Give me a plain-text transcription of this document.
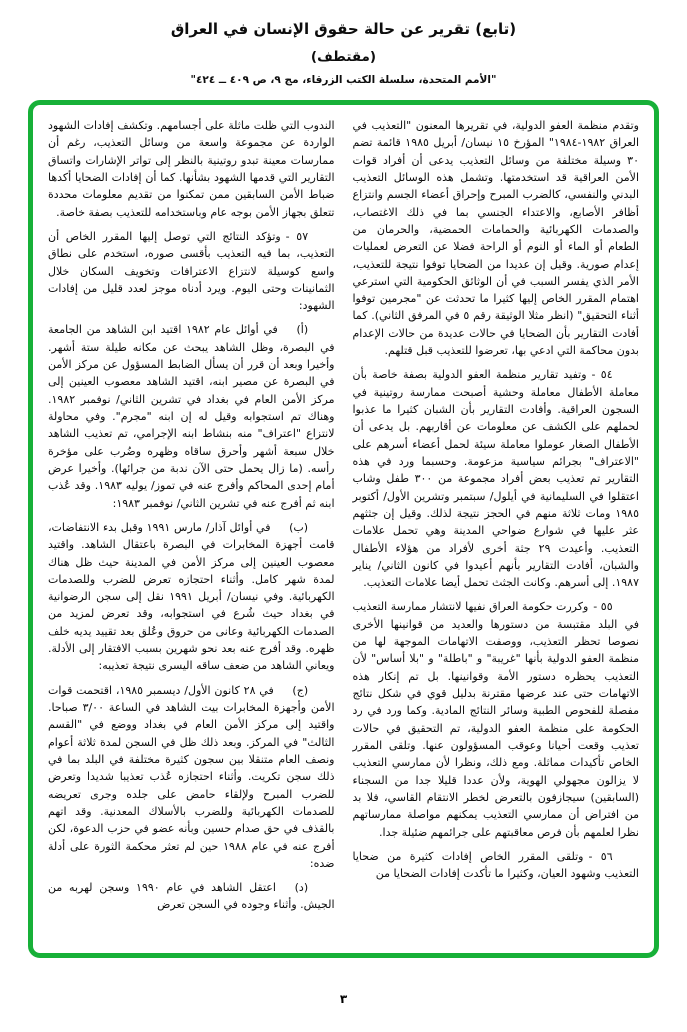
(تابع) تقرير عن حالة حقوق الإنسان في العراق
(مقتطف)
"الأمم المتحدة، سلسلة الكتب الزرقاء، مج ٩، ص ٤٠٩ ــ ٤٢٤"

وتقدم منظمة العفو الدولية، في تقريرها المعنون "التعذيب في العراق ١٩٨٢-١٩٨٤" المؤرخ ١٥ نيسان/ أبريل ١٩٨٥ قائمة تضم ٣٠ وسيلة مختلفة من وسائل التعذيب يدعى أن أفراد قوات الأمن العراقية قد استخدمتها. وتشمل هذه الوسائل التعذيب البدني والنفسي، كالضرب المبرح وإحراق أعضاء الجسم وانتزاع أظافر الأصابع، والاعتداء الجنسي بما في ذلك الاغتصاب، والصدمات الكهربائية والحمامات الحمضية، والحرمان من الطعام أو الماء أو النوم أو الراحة فضلا عن التعرض لعمليات إعدام صورية. وقيل إن عديدا من الضحايا توفوا نتيجة للتعذيب، الأمر الذي يفسر السبب في أن الوثائق الحكومية التي استرعي اهتمام المقرر الخاص إليها كثيرا ما تحدثت عن "مجرمين توفوا أثناء التحقيق" (انظر مثلا الوثيقة رقم ٥ في المرفق الثاني). كما أفادت التقارير بأن الضحايا في حالات عديدة من حالات الإعدام بدون محاكمة التي ادعي بها، تعرضوا للتعذيب قبل قتلهم.

٥٤ -وتفيد تقارير منظمة العفو الدولية بصفة خاصة بأن معاملة الأطفال معاملة وحشية أصبحت ممارسة روتينية في السجون العراقية. وأفادت التقارير بأن الشبان كثيرا ما عذبوا لحملهم على الكشف عن معلومات عن أقاربهم. بل يدعى أن الأطفال الصغار عوملوا معاملة سيئة لحمل أعضاء أسرهم على "الاعتراف" بجرائم سياسية مزعومة. وحسبما ورد في هذه التقارير تم تعذيب بعض أفراد مجموعة من ٣٠٠ طفل وشاب اعتقلوا في السليمانية في أيلول/ سبتمبر وتشرين الأول/ أكتوبر ١٩٨٥ ومات ثلاثة منهم في الحجز نتيجة لذلك. وقيل إن جثثهم عثر عليها في شوارع ضواحي المدينة وهي تحمل علامات التعذيب. وأعيدت ٢٩ جثة أخرى لأفراد من هؤلاء الأطفال والشبان، أفادت التقارير بأنهم أعيدوا في كانون الثاني/ يناير ١٩٨٧. إلى أسرهم. وكانت الجثث تحمل أيضا علامات التعذيب.

٥٥ -وكررت حكومة العراق نفيها لانتشار ممارسة التعذيب في البلد مقتبسة من دستورها والعديد من قوانينها الأخرى نصوصا تحظر التعذيب، ووصفت الاتهامات الموجهة لها من منظمة العفو الدولية بأنها "غريبة" و "باطلة" و "بلا أساس" لأن التعذيب يحظره دستور الأمة وقوانينها. بل تم إنكار هذه الاتهامات حتى عند عرضها مقترنة بدليل قوي في شكل نتائج مفصلة للفحوص الطبية وسائر النتائج المادية. وكما ورد في رد الحكومة على منظمة العفو الدولية، تم التحقيق في حالات تعذيب وقعت أحيانا وعوقب المسؤولون عنها. وتلقى المقرر الخاص تأكيدات مماثلة. ومع ذلك، ونظرا لأن ممارسي التعذيب لا يزالون مجهولي الهوية، ولأن عددا قليلا جدا من السجناء (السابقين) سيجازفون بالتعرض لخطر الانتقام القاسي، فلا بد من افتراض أن ممارسي التعذيب يمكنهم مواصلة ممارساتهم نظرا لعلمهم بأن فرص معاقبتهم على جرائمهم ضئيلة جدا.

٥٦ -وتلقى المقرر الخاص إفادات كثيرة من ضحايا التعذيب وشهود العيان، وكثيرا ما تأكدت إفادات الضحايا من

الندوب التي ظلت ماثلة على أجسامهم. وتكشف إفادات الشهود الواردة عن مجموعة واسعة من وسائل التعذيب، رغم أن ممارسات معينة تبدو روتينية بالنظر إلى تواتر الإشارات واتساق التقارير التي قدمها الشهود بشأنها. كما أن إفادات الضحايا أكدها ضباط الأمن السابقين ممن تمكنوا من تقديم معلومات محددة تتعلق بجهاز الأمن بوجه عام وباستخدامه للتعذيب بصفة خاصة.

٥٧ -وتؤكد النتائج التي توصل إليها المقرر الخاص أن التعذيب، بما فيه التعذيب بأقسى صوره، استخدم على نطاق واسع كوسيلة لانتزاع الاعترافات وتخويف السكان خلال الثمانينات وحتى اليوم. ويرد أدناه موجز لعدد قليل من إفادات الشهود:

(أ)في أوائل عام ١٩٨٢ اقتيد ابن الشاهد من الجامعة في البصرة، وظل الشاهد يبحث عن مكانه طيلة ستة أشهر. وأخيرا وبعد أن قرر أن يسأل الضابط المسؤول عن مركز الأمن في البصرة عن مصير ابنه، اقتيد الشاهد معصوب العينين إلى مركز الأمن العام في بغداد في تشرين الثاني/ نوفمبر ١٩٨٢. وهناك تم استجوابه وقيل له إن ابنه "مجرم". وفي محاولة لانتزاع "اعتراف" منه بنشاط ابنه الإجرامي، تم تعذيب الشاهد خلال سبعة أشهر وأحرق ساقاه وظهره وضُرب على مؤخرة رأسه. (ما زال يحمل حتى الآن ندبة من جرائها). وأخيرا عرض أمام إحدى المحاكم وأفرج عنه في تموز/ يوليه ١٩٨٣. وقد عُذب ابنه ثم أفرج عنه في تشرين الثاني/ نوفمبر ١٩٨٣:

(ب)في أوائل آذار/ مارس ١٩٩١ وقبل بدء الانتفاضات، قامت أجهزة المخابرات في البصرة باعتقال الشاهد. واقتيد معصوب العينين إلى مركز الأمن في المدينة حيث ظل هناك لمدة شهر كامل. وأثناء احتجازه تعرض للضرب وللصدمات الكهربائية. وفي نيسان/ أبريل ١٩٩١ نقل إلى سجن الرضوانية في بغداد حيث شُرع في استجوابه، وقد تعرض لمزيد من الصدمات الكهربائية وعانى من حروق وعُلق بعد تقييد يديه خلف ظهره. وقد أفرج عنه بعد نحو شهرين بسبب الافتقار إلى الأدلة. ويعاني الشاهد من ضعف ساقه اليسرى نتيجة تعذيبه:

(ج)في ٢٨ كانون الأول/ ديسمبر ١٩٨٥، اقتحمت قوات الأمن وأجهزة المخابرات بيت الشاهد في الساعة ٣/٠٠ صباحا. واقتيد إلى مركز الأمن العام في بغداد ووضع في "القسم الثالث" في المركز. وبعد ذلك ظل في السجن لمدة ثلاثة أعوام ونصف العام متنقلا بين سجون كثيرة مختلفة في البلد بما في ذلك سجن تكريت. وأثناء احتجازه عُذب تعذيبا شديدا وتعرض للضرب المبرح ولإلقاء حامض على جلده وجرى تعريضه للصدمات الكهربائية وللضرب بالأسلاك المعدنية. وقد اتهم بالقذف في حق صدام حسين وبأنه عضو في حزب الدعوة، لكن أفرج عنه في عام ١٩٨٨ حين لم تعثر محكمة الثورة على أدلة ضده:

(د)اعتقل الشاهد في عام ١٩٩٠ وسجن لهربه من الجيش. وأثناء وجوده في السجن تعرض

٣
